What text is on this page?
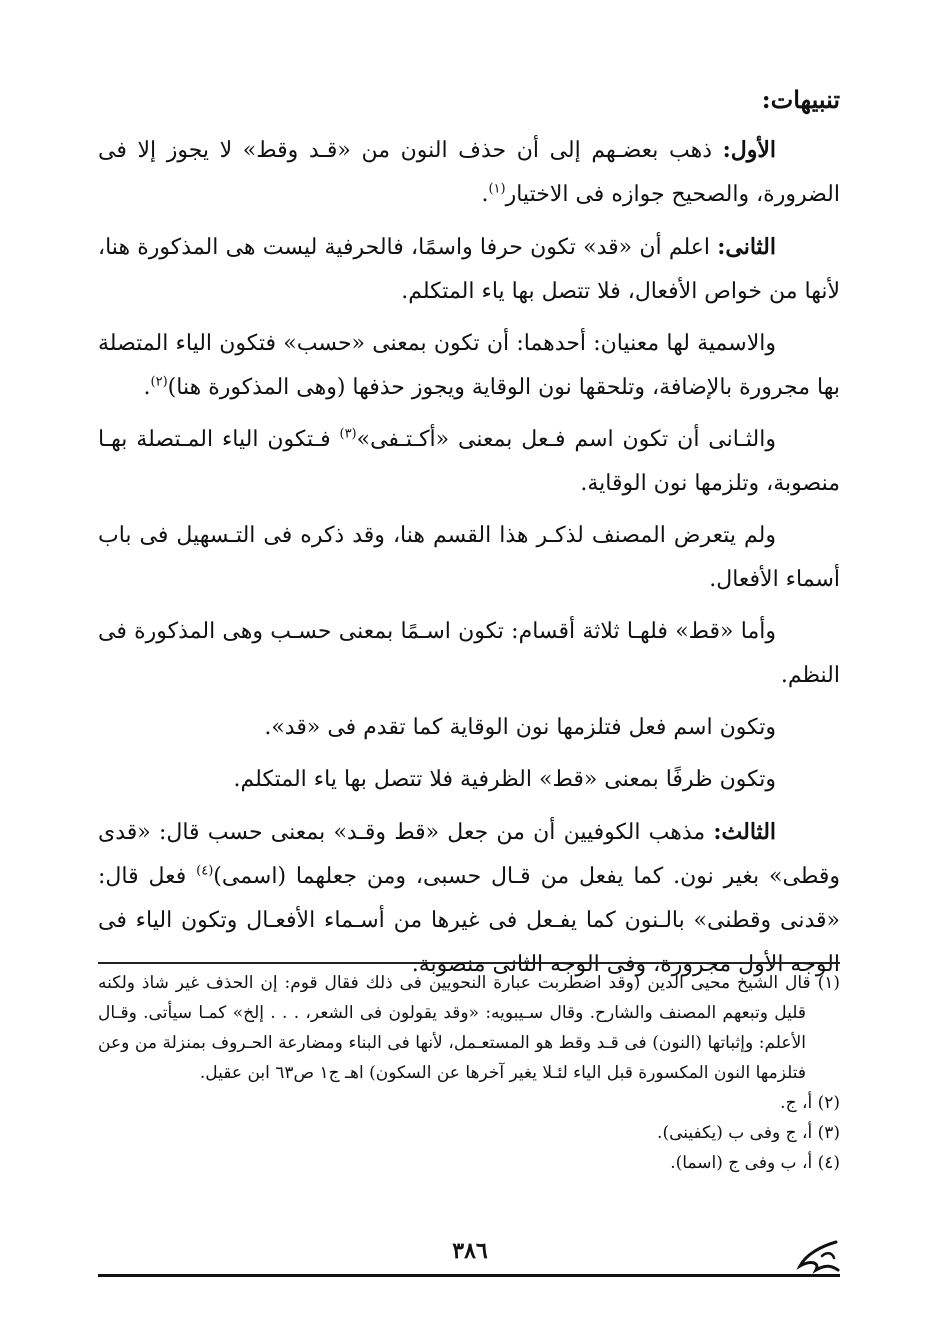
تنبيهات:

الأول: ذهب بعضـهم إلى أن حذف النون من «قـد وقط» لا يجوز إلا فى الضرورة، والصحيح جوازه فى الاختيار$^{(١)}$.

الثانى: اعلم أن «قد» تكون حرفا واسمًا، فالحرفية ليست هى المذكورة هنا، لأنها من خواص الأفعال، فلا تتصل بها ياء المتكلم.

والاسمية لها معنيان: أحدهما: أن تكون بمعنى «حسب» فتكون الياء المتصلة بها مجرورة بالإضافة، وتلحقها نون الوقاية ويجوز حذفها (وهى المذكورة هنا)$^{(٢)}$.

والثـانى أن تكون اسم فـعل بمعنى «أكـتـفى»$^{(٣)}$ فـتكون الياء المـتصلة بهـا منصوبة، وتلزمها نون الوقاية.

ولم يتعرض المصنف لذكـر هذا القسم هنا، وقد ذكره فى التـسهيل فى باب أسماء الأفعال.

وأما «قط» فلهـا ثلاثة أقسام: تكون اسـمًا بمعنى حسـب وهى المذكورة فى النظم.

وتكون اسم فعل فتلزمها نون الوقاية كما تقدم فى «قد».

وتكون ظرفًا بمعنى «قط» الظرفية فلا تتصل بها ياء المتكلم.

الثالث: مذهب الكوفيين أن من جعل «قط وقـد» بمعنى حسب قال: «قدى وقطى» بغير نون. كما يفعل من قـال حسبى، ومن جعلهما (اسمى)$^{(٤)}$ فعل قال: «قدنى وقطنى» بالـنون كما يفـعل فى غيرها من أسـماء الأفعـال وتكون الياء فى الوجه الأول مجرورة، وفى الوجه الثانى منصوبة.

(١) قال الشيخ محيى الدين (وقد اضطربت عبارة النحويين فى ذلك فقال قوم: إن الحذف غير شاذ ولكنه قليل وتبعهم المصنف والشارح. وقال سـيبويه: «وقد يقولون فى الشعر، . . . إلخ» كمـا سيأتى. وقـال الأعلم: وإثباتها (النون) فى قـد وقط هو المستعـمل، لأنها فى البناء ومضارعة الحـروف بمنزلة من وعن فتلزمها النون المكسورة قبل الياء لئـلا يغير آخرها عن السكون) اهـ ج١ ص٦٣ ابن عقيل.

(٢) أ، ج.

(٣) أ، ج وفى ب (يكفينى).

(٤) أ، ب وفى ج (اسما).

٣٨٦
